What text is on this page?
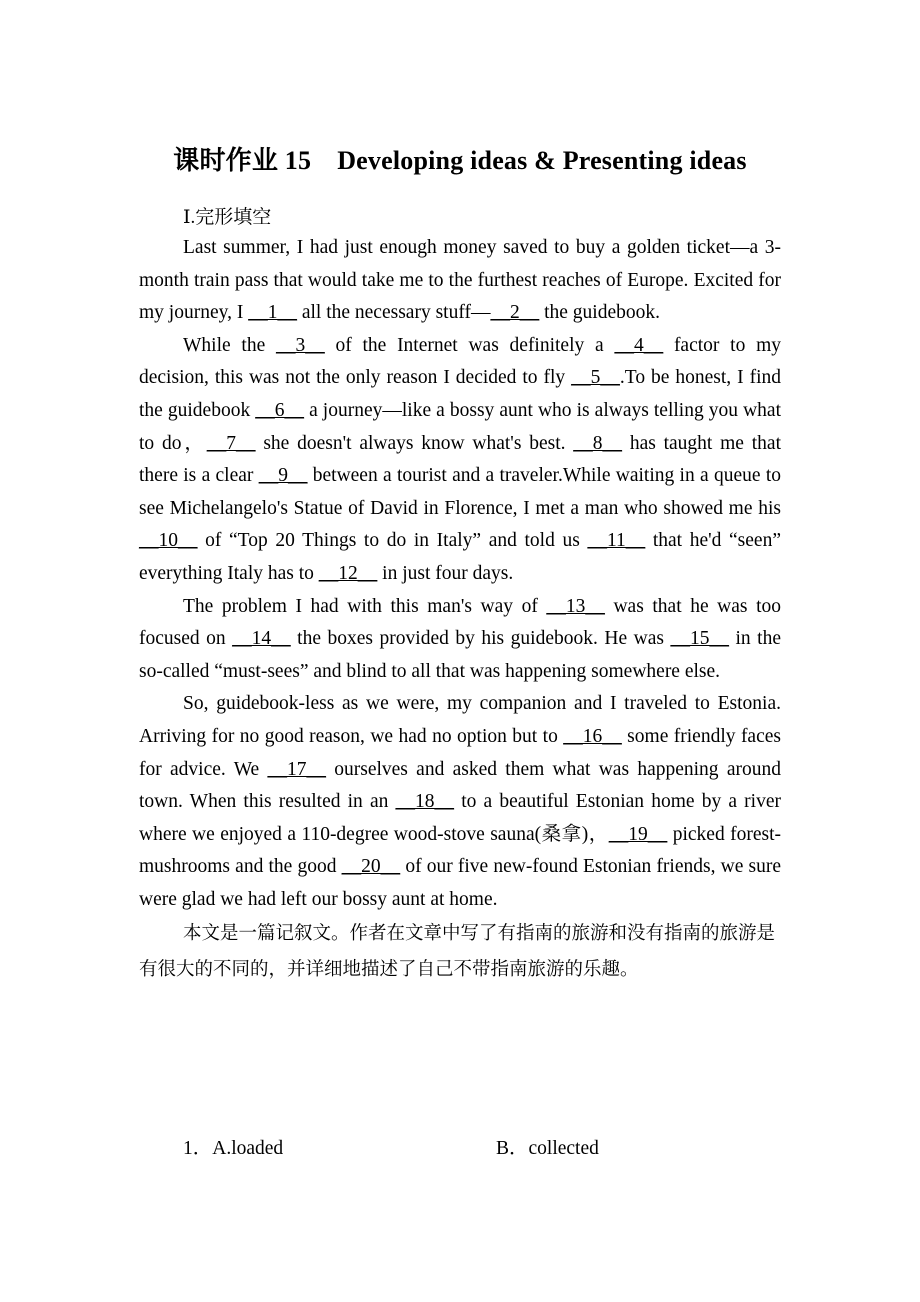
课时作业 15 Developing ideas & Presenting ideas
Ⅰ.完形填空

Last summer, I had just enough money saved to buy a golden ticket—a 3-month train pass that would take me to the furthest reaches of Europe. Excited for my journey, I __1__ all the necessary stuff—__2__ the guidebook.

While the __3__ of the Internet was definitely a __4__ factor to my decision, this was not the only reason I decided to fly __5__.To be honest, I find the guidebook __6__ a journey—like a bossy aunt who is always telling you what to do，__7__ she doesn't always know what's best. __8__ has taught me that there is a clear __9__ between a tourist and a traveler.While waiting in a queue to see Michelangelo's Statue of David in Florence, I met a man who showed me his __10__ of “Top 20 Things to do in Italy” and told us __11__ that he'd “seen” everything Italy has to __12__ in just four days.

The problem I had with this man's way of __13__ was that he was too focused on __14__ the boxes provided by his guidebook. He was __15__ in the so-called “must-sees” and blind to all that was happening somewhere else.

So, guidebook-less as we were, my companion and I traveled to Estonia. Arriving for no good reason, we had no option but to __16__ some friendly faces for advice. We __17__ ourselves and asked them what was happening around town. When this resulted in an __18__ to a beautiful Estonian home by a river where we enjoyed a 110-degree wood-stove sauna(桑拿)，__19__ picked forest-mushrooms and the good __20__ of our five new-found Estonian friends, we sure were glad we had left our bossy aunt at home.

本文是一篇记叙文。作者在文章中写了有指南的旅游和没有指南的旅游是有很大的不同的，并详细地描述了自己不带指南旅游的乐趣。

1．A.loaded	B．collected
